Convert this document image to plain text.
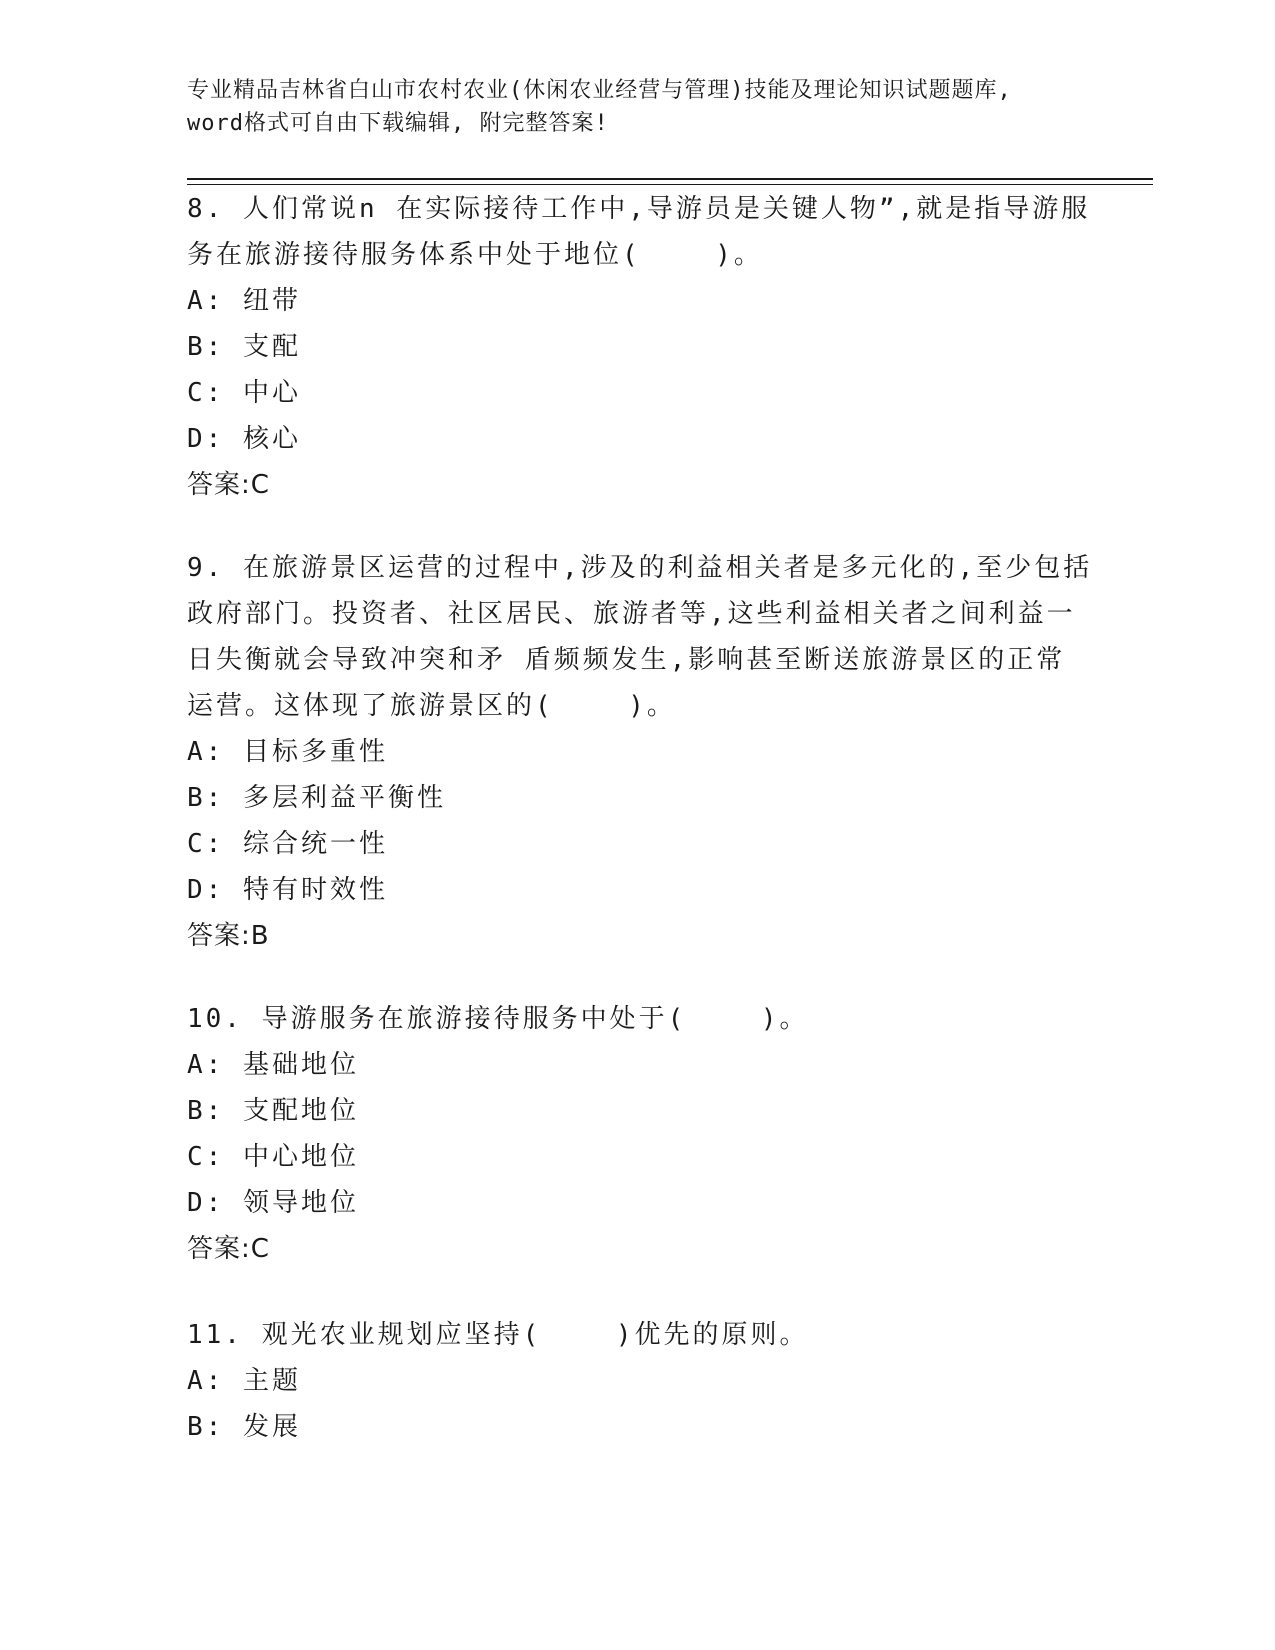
专业精品吉林省白山市农村农业(休闲农业经营与管理)技能及理论知识试题题库,
word格式可自由下载编辑, 附完整答案!
8. 人们常说n 在实际接待工作中,导游员是关键人物”,就是指导游服
务在旅游接待服务体系中处于地位(    )。
A: 纽带
B: 支配
C: 中心
D: 核心
答案:C
9. 在旅游景区运营的过程中,涉及的利益相关者是多元化的,至少包括
政府部门。投资者、社区居民、旅游者等,这些利益相关者之间利益一
日失衡就会导致冲突和矛 盾频频发生,影响甚至断送旅游景区的正常
运营。这体现了旅游景区的(    )。
A: 目标多重性
B: 多层利益平衡性
C: 综合统一性
D: 特有时效性
答案:B
10. 导游服务在旅游接待服务中处于(    )。
A: 基础地位
B: 支配地位
C: 中心地位
D: 领导地位
答案:C
11. 观光农业规划应坚持(    )优先的原则。
A: 主题
B: 发展
